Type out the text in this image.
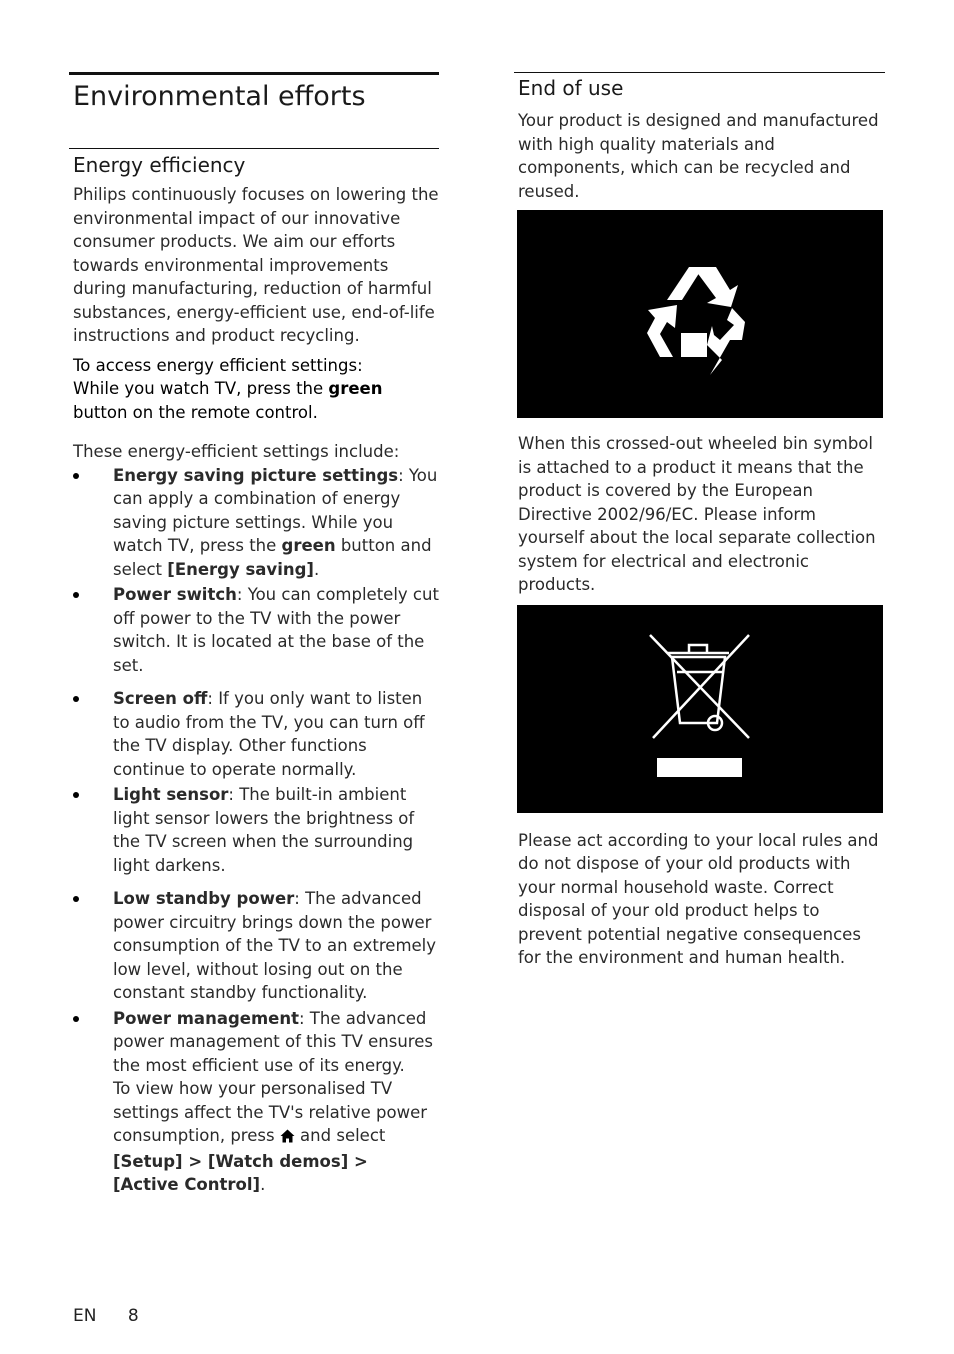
Environmental efforts
Energy efficiency

Philips continuously focuses on lowering the environmental impact of our innovative consumer products. We aim our efforts towards environmental improvements during manufacturing, reduction of harmful substances, energy-efficient use, end-of-life instructions and product recycling.

To access energy efficient settings:
While you watch TV, press the green button on the remote control.

These energy-efficient settings include:

Energy saving picture settings: You can apply a combination of energy saving picture settings. While you watch TV, press the green button and select [Energy saving].
Power switch: You can completely cut off power to the TV with the power switch. It is located at the base of the set.
Screen off: If you only want to listen to audio from the TV, you can turn off the TV display. Other functions continue to operate normally.
Light sensor: The built-in ambient light sensor lowers the brightness of the TV screen when the surrounding light darkens.
Low standby power: The advanced power circuitry brings down the power consumption of the TV to an extremely low level, without losing out on the constant standby functionality.
Power management: The advanced power management of this TV ensures the most efficient use of its energy.
To view how your personalised TV settings affect the TV's relative power consumption, press  and select [Setup] > [Watch demos] > [Active Control].
End of use

Your product is designed and manufactured with high quality materials and components, which can be recycled and reused.

When this crossed-out wheeled bin symbol is attached to a product it means that the product is covered by the European Directive 2002/96/EC. Please inform yourself about the local separate collection system for electrical and electronic products.

Please act according to your local rules and do not dispose of your old products with your normal household waste. Correct disposal of your old product helps to prevent potential negative consequences for the environment and human health.

EN 8
